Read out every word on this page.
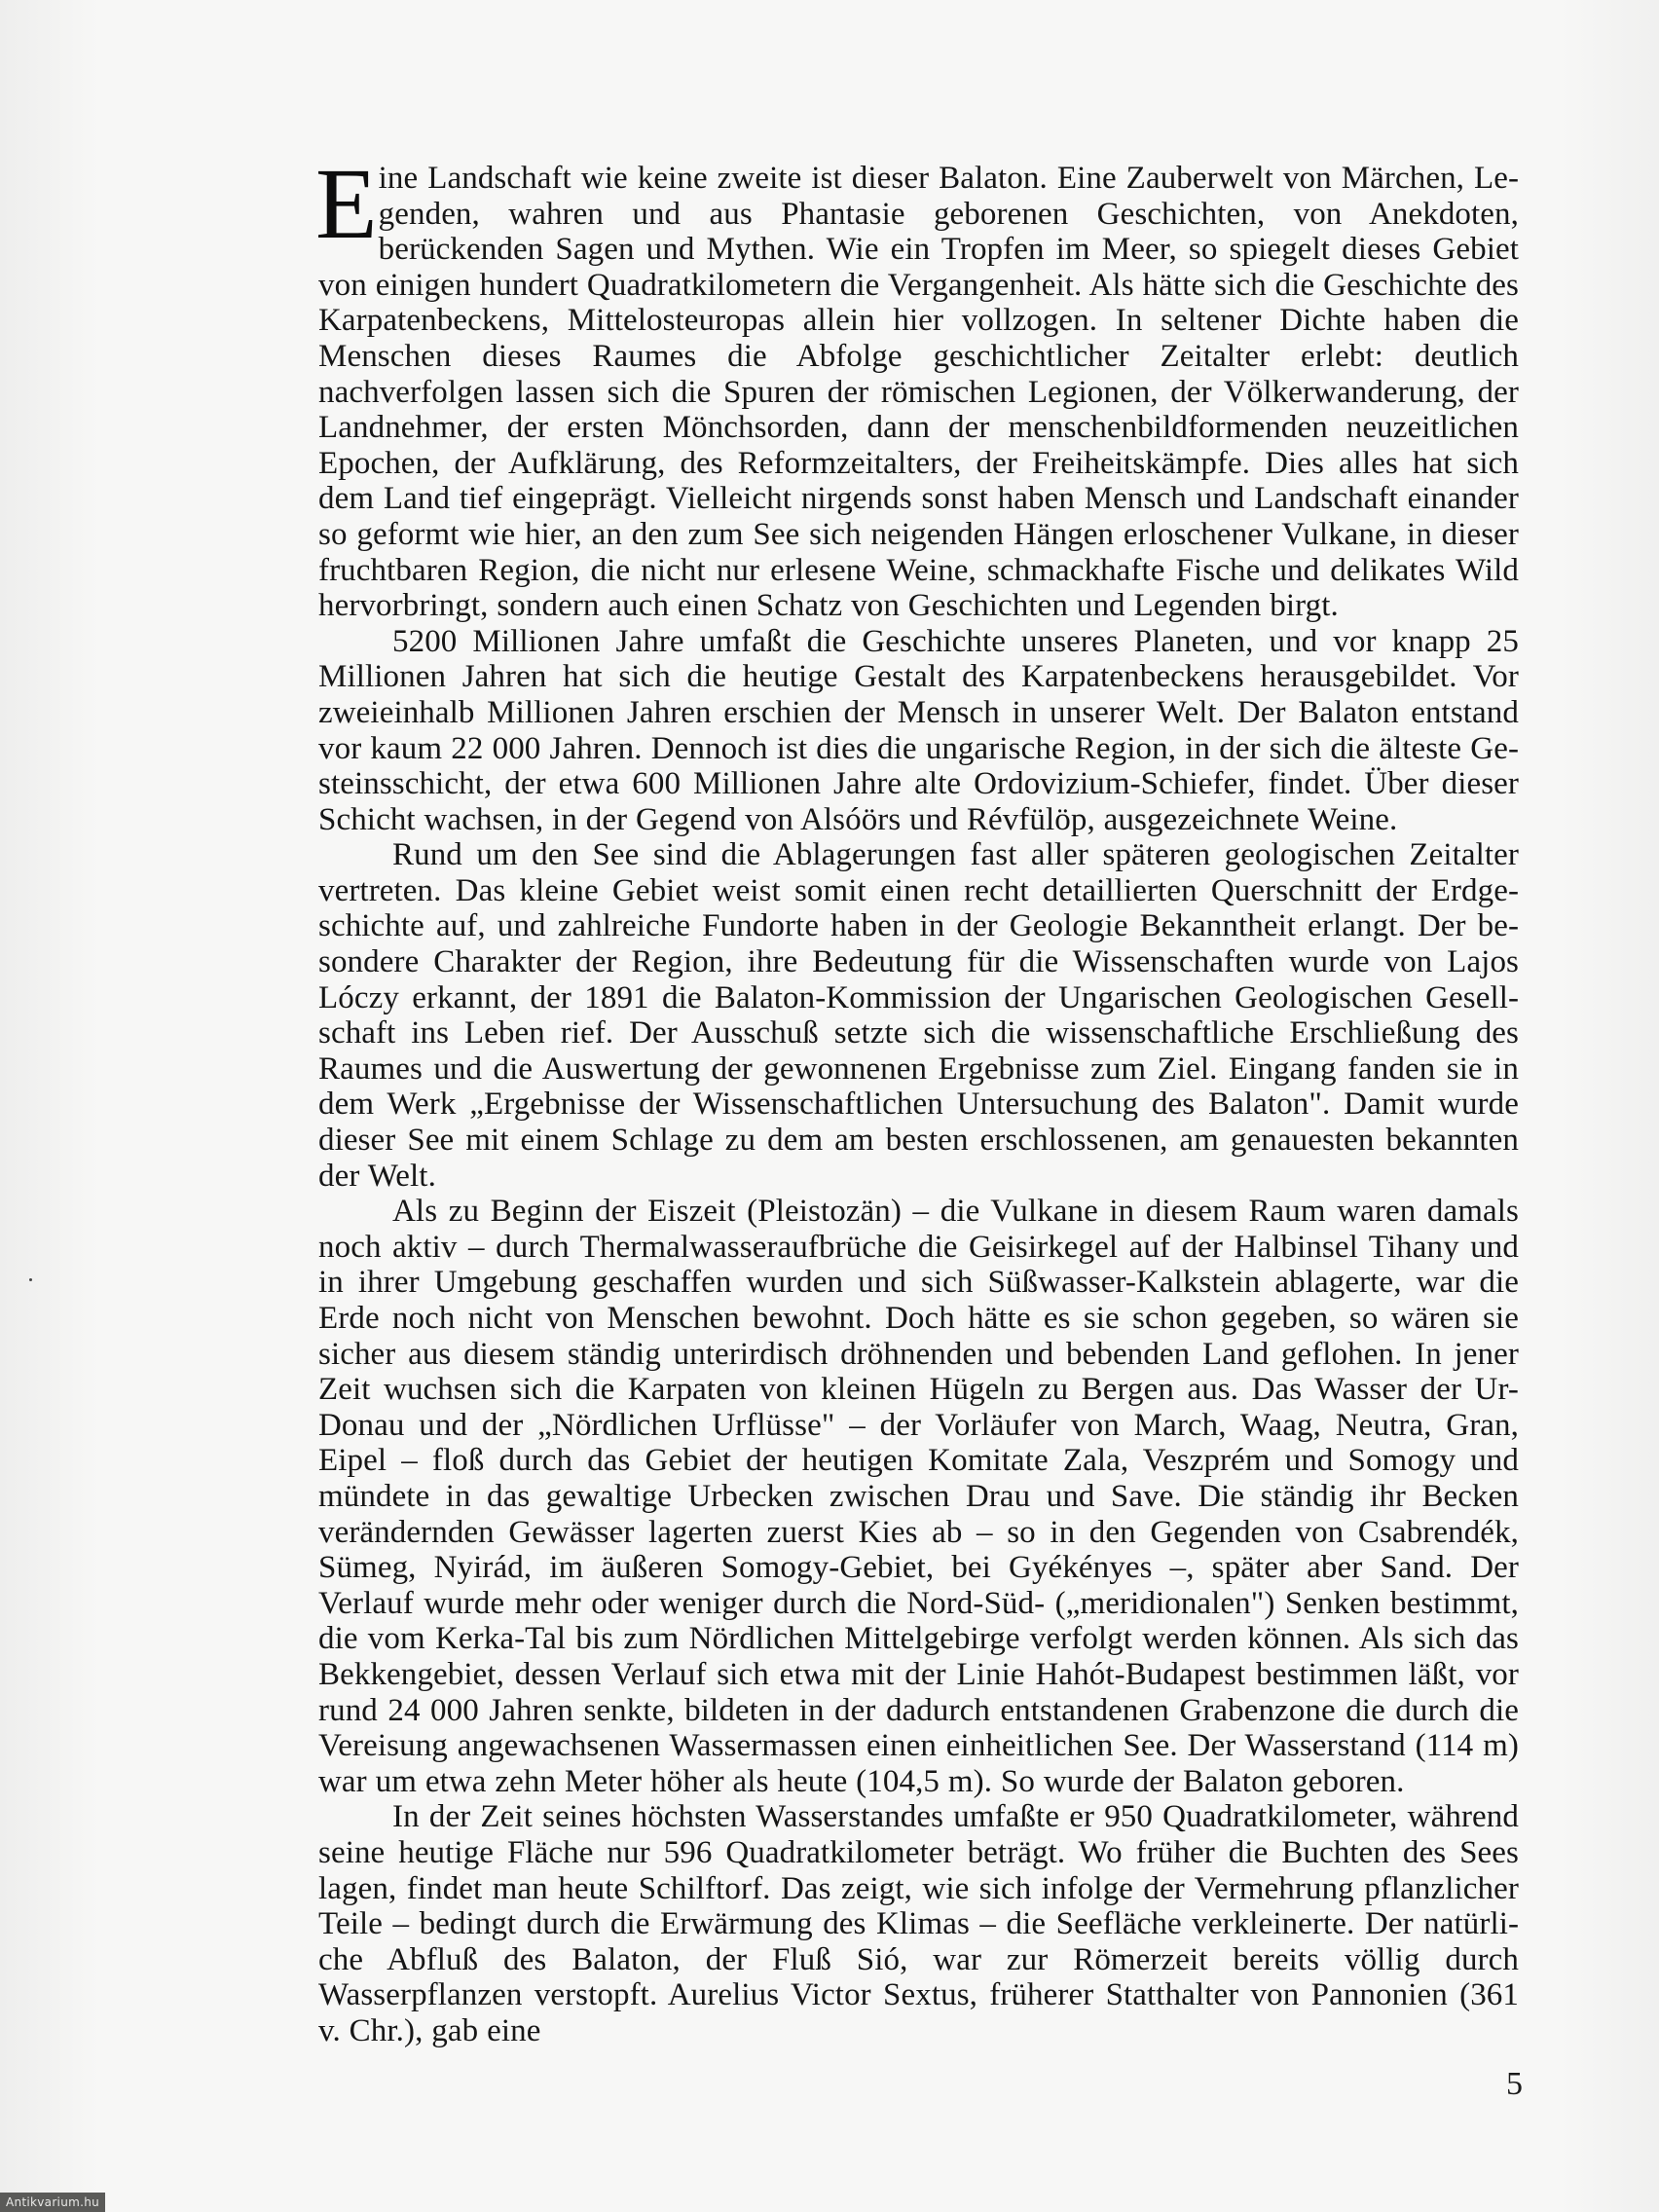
Eine Landschaft wie keine zweite ist dieser Balaton. Eine Zauberwelt von Märchen, Legenden, wahren und aus Phantasie geborenen Geschichten, von Anekdoten, berückenden Sagen und Mythen. Wie ein Tropfen im Meer, so spiegelt dieses Gebiet von einigen hundert Quadratkilometern die Vergangenheit. Als hätte sich die Geschichte des Karpatenbeckens, Mittelosteuropas allein hier vollzogen. In seltener Dichte haben die Menschen dieses Raumes die Abfolge geschichtlicher Zeitalter erlebt: deutlich nachverfolgen lassen sich die Spuren der römischen Legionen, der Völkerwanderung, der Landnehmer, der ersten Mönchsorden, dann der menschenbildformenden neuzeitlichen Epochen, der Aufklärung, des Reformzeitalters, der Freiheitskämpfe. Dies alles hat sich dem Land tief eingeprägt. Vielleicht nirgends sonst haben Mensch und Landschaft einander so geformt wie hier, an den zum See sich neigenden Hängen erloschener Vulkane, in dieser fruchtbaren Region, die nicht nur erlesene Weine, schmackhafte Fische und delikates Wild hervorbringt, sondern auch einen Schatz von Geschichten und Legenden birgt.

5200 Millionen Jahre umfaßt die Geschichte unseres Planeten, und vor knapp 25 Millionen Jahren hat sich die heutige Gestalt des Karpatenbeckens herausgebildet. Vor zweieinhalb Millionen Jahren erschien der Mensch in unserer Welt. Der Balaton entstand vor kaum 22 000 Jahren. Dennoch ist dies die ungarische Region, in der sich die älteste Gesteinsschicht, der etwa 600 Millionen Jahre alte Ordovizium-Schiefer, findet. Über dieser Schicht wachsen, in der Gegend von Alsóörs und Révfülöp, ausgezeichnete Weine.

Rund um den See sind die Ablagerungen fast aller späteren geologischen Zeitalter vertreten. Das kleine Gebiet weist somit einen recht detaillierten Querschnitt der Erdgeschichte auf, und zahlreiche Fundorte haben in der Geologie Bekanntheit erlangt. Der besondere Charakter der Region, ihre Bedeutung für die Wissenschaften wurde von Lajos Lóczy erkannt, der 1891 die Balaton-Kommission der Ungarischen Geologischen Gesellschaft ins Leben rief. Der Ausschuß setzte sich die wissenschaftliche Erschließung des Raumes und die Auswertung der gewonnenen Ergebnisse zum Ziel. Eingang fanden sie in dem Werk „Ergebnisse der Wissenschaftlichen Untersuchung des Balaton". Damit wurde dieser See mit einem Schlage zu dem am besten erschlossenen, am genauesten bekannten der Welt.

Als zu Beginn der Eiszeit (Pleistozän) – die Vulkane in diesem Raum waren damals noch aktiv – durch Thermalwasseraufbrüche die Geisirkegel auf der Halbinsel Tihany und in ihrer Umgebung geschaffen wurden und sich Süßwasser-Kalkstein ablagerte, war die Erde noch nicht von Menschen bewohnt. Doch hätte es sie schon gegeben, so wären sie sicher aus diesem ständig unterirdisch dröhnenden und bebenden Land geflohen. In jener Zeit wuchsen sich die Karpaten von kleinen Hügeln zu Bergen aus. Das Wasser der Ur-Donau und der „Nördlichen Urflüsse" – der Vorläufer von March, Waag, Neutra, Gran, Eipel – floß durch das Gebiet der heutigen Komitate Zala, Veszprém und Somogy und mündete in das gewaltige Urbecken zwischen Drau und Save. Die ständig ihr Becken verändernden Gewässer lagerten zuerst Kies ab – so in den Gegenden von Csabrendék, Sümeg, Nyirád, im äußeren Somogy-Gebiet, bei Gyékényes –, später aber Sand. Der Verlauf wurde mehr oder weniger durch die Nord-Süd- („meridionalen") Senken bestimmt, die vom Kerka-Tal bis zum Nördlichen Mittelgebirge verfolgt werden können. Als sich das Bekkengebiet, dessen Verlauf sich etwa mit der Linie Hahót-Budapest bestimmen läßt, vor rund 24 000 Jahren senkte, bildeten in der dadurch entstandenen Grabenzone die durch die Vereisung angewachsenen Wassermassen einen einheitlichen See. Der Wasserstand (114 m) war um etwa zehn Meter höher als heute (104,5 m). So wurde der Balaton geboren.

In der Zeit seines höchsten Wasserstandes umfaßte er 950 Quadratkilometer, während seine heutige Fläche nur 596 Quadratkilometer beträgt. Wo früher die Buchten des Sees lagen, findet man heute Schilftorf. Das zeigt, wie sich infolge der Vermehrung pflanzlicher Teile – bedingt durch die Erwärmung des Klimas – die Seefläche verkleinerte. Der natürliche Abfluß des Balaton, der Fluß Sió, war zur Römerzeit bereits völlig durch Wasserpflanzen verstopft. Aurelius Victor Sextus, früherer Statthalter von Pannonien (361 v. Chr.), gab eine

5
Antikvarium.hu
